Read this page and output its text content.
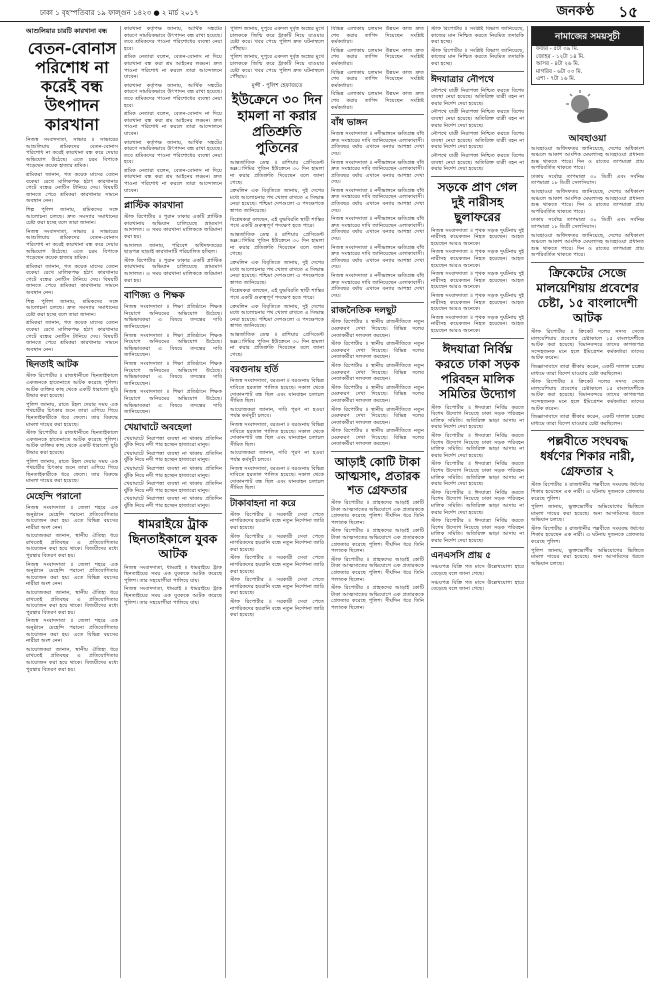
ঢাকা ১ বৃহস্পতিবার ১৯ ফাল্গুন ১৪২৩ ● ২ মার্চ ২০১৭	জনকণ্ঠ ১৫
আশুলিয়ার চারটি কারখানা বন্ধ
বেতন-বোনাস পরিশোধ না করেই বন্ধ উৎপাদন কারখানা

নিজস্ব সংবাদদাতা, সাভার ॥ সাভারের আশুলিয়ায় শ্রমিকদের বেতন-বোনাস পরিশোধ না করেই কারখানা বন্ধ করে দেয়ার অভিযোগ উঠেছে। এতে চরম বিপাকে পড়েছেন কয়েক হাজার শ্রমিক।

শ্রমিকরা জানান, গত কয়েক মাসের বেতন বকেয়া রেখে মালিকপক্ষ হঠাৎ কারখানার গেটে বন্ধের নোটিস টানিয়ে দেয়। বিষয়টি জানতে পেরে শ্রমিকরা কারখানার সামনে অবস্থান নেন।

শিল্প পুলিশ জানায়, শ্রমিকদের সঙ্গে আলোচনা চলছে। দ্রুত সমস্যার সমাধানের চেষ্টা করা হচ্ছে বলে তারা জানান।

নিজস্ব সংবাদদাতা, সাভার ॥ সাভারের আশুলিয়ায় শ্রমিকদের বেতন-বোনাস পরিশোধ না করেই কারখানা বন্ধ করে দেয়ার অভিযোগ উঠেছে। এতে চরম বিপাকে পড়েছেন কয়েক হাজার শ্রমিক।

শ্রমিকরা জানান, গত কয়েক মাসের বেতন বকেয়া রেখে মালিকপক্ষ হঠাৎ কারখানার গেটে বন্ধের নোটিস টানিয়ে দেয়। বিষয়টি জানতে পেরে শ্রমিকরা কারখানার সামনে অবস্থান নেন।

শিল্প পুলিশ জানায়, শ্রমিকদের সঙ্গে আলোচনা চলছে। দ্রুত সমস্যার সমাধানের চেষ্টা করা হচ্ছে বলে তারা জানান।

শ্রমিকরা জানান, গত কয়েক মাসের বেতন বকেয়া রেখে মালিকপক্ষ হঠাৎ কারখানার গেটে বন্ধের নোটিস টানিয়ে দেয়। বিষয়টি জানতে পেরে শ্রমিকরা কারখানার সামনে অবস্থান নেন।

ছিনতাই আটক

স্টাফ রিপোর্টার ॥ রাজধানীতে ছিনতাইকালে একজনকে হাতেনাতে আটক করেছে পুলিশ। আটক ব্যক্তির কাছ থেকে একটি ধারালো ছুরি উদ্ধার করা হয়েছে।

পুলিশ জানায়, রাতে টহল দেয়ার সময় এক পথচারীর চিৎকার শুনে তারা এগিয়ে গিয়ে ছিনতাইকারীকে ধরে ফেলে। তার বিরুদ্ধে মামলা দায়ের করা হয়েছে।

স্টাফ রিপোর্টার ॥ রাজধানীতে ছিনতাইকালে একজনকে হাতেনাতে আটক করেছে পুলিশ। আটক ব্যক্তির কাছ থেকে একটি ধারালো ছুরি উদ্ধার করা হয়েছে।

পুলিশ জানায়, রাতে টহল দেয়ার সময় এক পথচারীর চিৎকার শুনে তারা এগিয়ে গিয়ে ছিনতাইকারীকে ধরে ফেলে। তার বিরুদ্ধে মামলা দায়ের করা হয়েছে।

মেহেন্দি পরানো

নিজস্ব সংবাদদাতা ॥ জেলা শহরে এক অনুষ্ঠানে মেহেন্দি পরানো প্রতিযোগিতার আয়োজন করা হয়। এতে বিভিন্ন বয়সের নারীরা অংশ নেন।

আয়োজকরা জানান, স্থানীয় ঐতিহ্য ধরে রাখতেই প্রতিবছর এ প্রতিযোগিতার আয়োজন করা হয়ে থাকে। বিজয়ীদের মধ্যে পুরস্কার বিতরণ করা হয়।

নিজস্ব সংবাদদাতা ॥ জেলা শহরে এক অনুষ্ঠানে মেহেন্দি পরানো প্রতিযোগিতার আয়োজন করা হয়। এতে বিভিন্ন বয়সের নারীরা অংশ নেন।

আয়োজকরা জানান, স্থানীয় ঐতিহ্য ধরে রাখতেই প্রতিবছর এ প্রতিযোগিতার আয়োজন করা হয়ে থাকে। বিজয়ীদের মধ্যে পুরস্কার বিতরণ করা হয়।

নিজস্ব সংবাদদাতা ॥ জেলা শহরে এক অনুষ্ঠানে মেহেন্দি পরানো প্রতিযোগিতার আয়োজন করা হয়। এতে বিভিন্ন বয়সের নারীরা অংশ নেন।

আয়োজকরা জানান, স্থানীয় ঐতিহ্য ধরে রাখতেই প্রতিবছর এ প্রতিযোগিতার আয়োজন করা হয়ে থাকে। বিজয়ীদের মধ্যে পুরস্কার বিতরণ করা হয়।

কারখানা কর্তৃপক্ষ জানায়, আর্থিক সঙ্কটের কারণে সাময়িকভাবে উৎপাদন বন্ধ রাখা হয়েছে। তবে শ্রমিকদের পাওনা পরিশোধের ব্যবস্থা নেয়া হবে।

শ্রমিক নেতারা বলেন, বেতন-বোনাস না দিয়ে কারখানা বন্ধ করা শ্রম আইনের লঙ্ঘন। দ্রুত পাওনা পরিশোধ না করলে তারা আন্দোলনে যাবেন।

কারখানা কর্তৃপক্ষ জানায়, আর্থিক সঙ্কটের কারণে সাময়িকভাবে উৎপাদন বন্ধ রাখা হয়েছে। তবে শ্রমিকদের পাওনা পরিশোধের ব্যবস্থা নেয়া হবে।

শ্রমিক নেতারা বলেন, বেতন-বোনাস না দিয়ে কারখানা বন্ধ করা শ্রম আইনের লঙ্ঘন। দ্রুত পাওনা পরিশোধ না করলে তারা আন্দোলনে যাবেন।

কারখানা কর্তৃপক্ষ জানায়, আর্থিক সঙ্কটের কারণে সাময়িকভাবে উৎপাদন বন্ধ রাখা হয়েছে। তবে শ্রমিকদের পাওনা পরিশোধের ব্যবস্থা নেয়া হবে।

শ্রমিক নেতারা বলেন, বেতন-বোনাস না দিয়ে কারখানা বন্ধ করা শ্রম আইনের লঙ্ঘন। দ্রুত পাওনা পরিশোধ না করলে তারা আন্দোলনে যাবেন।

প্লাস্টিক কারখানা

স্টাফ রিপোর্টার ॥ পুরান ঢাকার একটি প্লাস্টিক কারখানায় অভিযান চালিয়েছে ভ্রাম্যমাণ আদালত। এ সময় কারখানা মালিককে জরিমানা করা হয়।

আদালত জানায়, পরিবেশ অধিদফতরের ছাড়পত্র ছাড়াই কারখানাটি পরিচালিত হচ্ছিল।

স্টাফ রিপোর্টার ॥ পুরান ঢাকার একটি প্লাস্টিক কারখানায় অভিযান চালিয়েছে ভ্রাম্যমাণ আদালত। এ সময় কারখানা মালিককে জরিমানা করা হয়।

বাণিজ্য ও শিক্ষক

নিজস্ব সংবাদদাতা ॥ শিক্ষা প্রতিষ্ঠানে শিক্ষক নিয়োগে অনিয়মের অভিযোগ উঠেছে। অভিভাবকরা এ বিষয়ে তদন্তের দাবি জানিয়েছেন।

নিজস্ব সংবাদদাতা ॥ শিক্ষা প্রতিষ্ঠানে শিক্ষক নিয়োগে অনিয়মের অভিযোগ উঠেছে। অভিভাবকরা এ বিষয়ে তদন্তের দাবি জানিয়েছেন।

নিজস্ব সংবাদদাতা ॥ শিক্ষা প্রতিষ্ঠানে শিক্ষক নিয়োগে অনিয়মের অভিযোগ উঠেছে। অভিভাবকরা এ বিষয়ে তদন্তের দাবি জানিয়েছেন।

নিজস্ব সংবাদদাতা ॥ শিক্ষা প্রতিষ্ঠানে শিক্ষক নিয়োগে অনিয়মের অভিযোগ উঠেছে। অভিভাবকরা এ বিষয়ে তদন্তের দাবি জানিয়েছেন।

খেয়াঘাটে অবহেলা

খেয়াঘাটে নিরাপত্তা ব্যবস্থা না থাকায় প্রতিদিন ঝুঁকি নিয়ে নদী পার হচ্ছেন হাজারো মানুষ।

খেয়াঘাটে নিরাপত্তা ব্যবস্থা না থাকায় প্রতিদিন ঝুঁকি নিয়ে নদী পার হচ্ছেন হাজারো মানুষ।

খেয়াঘাটে নিরাপত্তা ব্যবস্থা না থাকায় প্রতিদিন ঝুঁকি নিয়ে নদী পার হচ্ছেন হাজারো মানুষ।

খেয়াঘাটে নিরাপত্তা ব্যবস্থা না থাকায় প্রতিদিন ঝুঁকি নিয়ে নদী পার হচ্ছেন হাজারো মানুষ।

খেয়াঘাটে নিরাপত্তা ব্যবস্থা না থাকায় প্রতিদিন ঝুঁকি নিয়ে নদী পার হচ্ছেন হাজারো মানুষ।

ধামরাইয়ে ট্রাক ছিনতাইকালে যুবক আটক

নিজস্ব সংবাদদাতা, ধামরাই ॥ ধামরাইয়ে ট্রাক ছিনতাইয়ের সময় এক যুবককে আটক করেছে পুলিশ। তার সহযোগীরা পালিয়ে যায়।

নিজস্ব সংবাদদাতা, ধামরাই ॥ ধামরাইয়ে ট্রাক ছিনতাইয়ের সময় এক যুবককে আটক করেছে পুলিশ। তার সহযোগীরা পালিয়ে যায়।

পুলিশ জানায়, দুপুরে একদল দুর্বৃত্ত অস্ত্রের মুখে চালককে জিম্মি করে ট্রাকটি নিয়ে যাওয়ার চেষ্টা করে। খবর পেয়ে পুলিশ দ্রুত ঘটনাস্থলে পৌঁছায়।

পুলিশ জানায়, দুপুরে একদল দুর্বৃত্ত অস্ত্রের মুখে চালককে জিম্মি করে ট্রাকটি নিয়ে যাওয়ার চেষ্টা করে। খবর পেয়ে পুলিশ দ্রুত ঘটনাস্থলে পৌঁছায়।

মুন্সী - পুলিশ হেফাজতে
ইউক্রেনে ৩০ দিন হামলা না করার প্রতিশ্রুতি পুতিনের

আন্তর্জাতিক ডেস্ক ॥ রাশিয়ার প্রেসিডেন্ট ভøাদিমির পুতিন ইউক্রেনে ৩০ দিন হামলা না করার প্রতিশ্রুতি দিয়েছেন বলে জানা গেছে।

ক্রেমলিন এক বিবৃতিতে জানায়, দুই দেশের মধ্যে আলোচনার পথ খোলা রাখতে এ সিদ্ধান্ত নেয়া হয়েছে। পশ্চিমা দেশগুলো এ পদক্ষেপকে স্বাগত জানিয়েছে।

বিশ্লেষকরা বলছেন, এই যুদ্ধবিরতি স্থায়ী শান্তির পথে একটি গুরুত্বপূর্ণ পদক্ষেপ হতে পারে।

আন্তর্জাতিক ডেস্ক ॥ রাশিয়ার প্রেসিডেন্ট ভøাদিমির পুতিন ইউক্রেনে ৩০ দিন হামলা না করার প্রতিশ্রুতি দিয়েছেন বলে জানা গেছে।

ক্রেমলিন এক বিবৃতিতে জানায়, দুই দেশের মধ্যে আলোচনার পথ খোলা রাখতে এ সিদ্ধান্ত নেয়া হয়েছে। পশ্চিমা দেশগুলো এ পদক্ষেপকে স্বাগত জানিয়েছে।

বিশ্লেষকরা বলছেন, এই যুদ্ধবিরতি স্থায়ী শান্তির পথে একটি গুরুত্বপূর্ণ পদক্ষেপ হতে পারে।

ক্রেমলিন এক বিবৃতিতে জানায়, দুই দেশের মধ্যে আলোচনার পথ খোলা রাখতে এ সিদ্ধান্ত নেয়া হয়েছে। পশ্চিমা দেশগুলো এ পদক্ষেপকে স্বাগত জানিয়েছে।

আন্তর্জাতিক ডেস্ক ॥ রাশিয়ার প্রেসিডেন্ট ভøাদিমির পুতিন ইউক্রেনে ৩০ দিন হামলা না করার প্রতিশ্রুতি দিয়েছেন বলে জানা গেছে।

বরগুনায় হর্তি

নিজস্ব সংবাদদাতা, বরগুনা ॥ বরগুনায় বিভিন্ন দাবিতে হরতাল পালিত হয়েছে। সকাল থেকে দোকানপাট বন্ধ ছিল এবং যানবাহন চলাচল সীমিত ছিল।

আয়োজকরা জানান, দাবি পূরণ না হওয়া পর্যন্ত কর্মসূচী চলবে।

নিজস্ব সংবাদদাতা, বরগুনা ॥ বরগুনায় বিভিন্ন দাবিতে হরতাল পালিত হয়েছে। সকাল থেকে দোকানপাট বন্ধ ছিল এবং যানবাহন চলাচল সীমিত ছিল।

আয়োজকরা জানান, দাবি পূরণ না হওয়া পর্যন্ত কর্মসূচী চলবে।

নিজস্ব সংবাদদাতা, বরগুনা ॥ বরগুনায় বিভিন্ন দাবিতে হরতাল পালিত হয়েছে। সকাল থেকে দোকানপাট বন্ধ ছিল এবং যানবাহন চলাচল সীমিত ছিল।

টাকাবাহনা না করে

স্টাফ রিপোর্টার ॥ সরকারী সেবা পেতে নাগরিকদের হয়রানি বন্ধে নতুন নির্দেশনা জারি করা হয়েছে।

স্টাফ রিপোর্টার ॥ সরকারী সেবা পেতে নাগরিকদের হয়রানি বন্ধে নতুন নির্দেশনা জারি করা হয়েছে।

স্টাফ রিপোর্টার ॥ সরকারী সেবা পেতে নাগরিকদের হয়রানি বন্ধে নতুন নির্দেশনা জারি করা হয়েছে।

স্টাফ রিপোর্টার ॥ সরকারী সেবা পেতে নাগরিকদের হয়রানি বন্ধে নতুন নির্দেশনা জারি করা হয়েছে।

স্টাফ রিপোর্টার ॥ সরকারী সেবা পেতে নাগরিকদের হয়রানি বন্ধে নতুন নির্দেশনা জারি করা হয়েছে।

বিভিন্ন এলাকায় চলমান উন্নয়ন কাজ দ্রুত শেষ করার তাগিদ দিয়েছেন সংশ্লিষ্ট কর্মকর্তারা।

বিভিন্ন এলাকায় চলমান উন্নয়ন কাজ দ্রুত শেষ করার তাগিদ দিয়েছেন সংশ্লিষ্ট কর্মকর্তারা।

বিভিন্ন এলাকায় চলমান উন্নয়ন কাজ দ্রুত শেষ করার তাগিদ দিয়েছেন সংশ্লিষ্ট কর্মকর্তারা।

বিভিন্ন এলাকায় চলমান উন্নয়ন কাজ দ্রুত শেষ করার তাগিদ দিয়েছেন সংশ্লিষ্ট কর্মকর্তারা।

বাঁধ ভাঙ্গন

নিজস্ব সংবাদদাতা ॥ নদীভাঙ্গনে ক্ষতিগ্রস্ত বাঁধ দ্রুত সংস্কারের দাবি জানিয়েছেন এলাকাবাসী। প্রতিবছর বর্ষায় এখানে বন্যার আশঙ্কা দেখা দেয়।

নিজস্ব সংবাদদাতা ॥ নদীভাঙ্গনে ক্ষতিগ্রস্ত বাঁধ দ্রুত সংস্কারের দাবি জানিয়েছেন এলাকাবাসী। প্রতিবছর বর্ষায় এখানে বন্যার আশঙ্কা দেখা দেয়।

নিজস্ব সংবাদদাতা ॥ নদীভাঙ্গনে ক্ষতিগ্রস্ত বাঁধ দ্রুত সংস্কারের দাবি জানিয়েছেন এলাকাবাসী। প্রতিবছর বর্ষায় এখানে বন্যার আশঙ্কা দেখা দেয়।

নিজস্ব সংবাদদাতা ॥ নদীভাঙ্গনে ক্ষতিগ্রস্ত বাঁধ দ্রুত সংস্কারের দাবি জানিয়েছেন এলাকাবাসী। প্রতিবছর বর্ষায় এখানে বন্যার আশঙ্কা দেখা দেয়।

নিজস্ব সংবাদদাতা ॥ নদীভাঙ্গনে ক্ষতিগ্রস্ত বাঁধ দ্রুত সংস্কারের দাবি জানিয়েছেন এলাকাবাসী। প্রতিবছর বর্ষায় এখানে বন্যার আশঙ্কা দেখা দেয়।

নিজস্ব সংবাদদাতা ॥ নদীভাঙ্গনে ক্ষতিগ্রস্ত বাঁধ দ্রুত সংস্কারের দাবি জানিয়েছেন এলাকাবাসী। প্রতিবছর বর্ষায় এখানে বন্যার আশঙ্কা দেখা দেয়।

রাজনৈতিক দলছুট

স্টাফ রিপোর্টার ॥ স্থানীয় রাজনীতিতে নতুন মেরুকরণ দেখা দিয়েছে। বিভিন্ন দলের নেতাকর্মীরা দলবদল করছেন।

স্টাফ রিপোর্টার ॥ স্থানীয় রাজনীতিতে নতুন মেরুকরণ দেখা দিয়েছে। বিভিন্ন দলের নেতাকর্মীরা দলবদল করছেন।

স্টাফ রিপোর্টার ॥ স্থানীয় রাজনীতিতে নতুন মেরুকরণ দেখা দিয়েছে। বিভিন্ন দলের নেতাকর্মীরা দলবদল করছেন।

স্টাফ রিপোর্টার ॥ স্থানীয় রাজনীতিতে নতুন মেরুকরণ দেখা দিয়েছে। বিভিন্ন দলের নেতাকর্মীরা দলবদল করছেন।

স্টাফ রিপোর্টার ॥ স্থানীয় রাজনীতিতে নতুন মেরুকরণ দেখা দিয়েছে। বিভিন্ন দলের নেতাকর্মীরা দলবদল করছেন।

স্টাফ রিপোর্টার ॥ স্থানীয় রাজনীতিতে নতুন মেরুকরণ দেখা দিয়েছে। বিভিন্ন দলের নেতাকর্মীরা দলবদল করছেন।

আড়াই কোটি টাকা আত্মসাৎ, প্রতারক শত গ্রেফতার

স্টাফ রিপোর্টার ॥ গ্রাহকদের আড়াই কোটি টাকা আত্মসাতের অভিযোগে এক প্রতারককে গ্রেফতার করেছে পুলিশ। দীর্ঘদিন ধরে তিনি পলাতক ছিলেন।

স্টাফ রিপোর্টার ॥ গ্রাহকদের আড়াই কোটি টাকা আত্মসাতের অভিযোগে এক প্রতারককে গ্রেফতার করেছে পুলিশ। দীর্ঘদিন ধরে তিনি পলাতক ছিলেন।

স্টাফ রিপোর্টার ॥ গ্রাহকদের আড়াই কোটি টাকা আত্মসাতের অভিযোগে এক প্রতারককে গ্রেফতার করেছে পুলিশ। দীর্ঘদিন ধরে তিনি পলাতক ছিলেন।

স্টাফ রিপোর্টার ॥ গ্রাহকদের আড়াই কোটি টাকা আত্মসাতের অভিযোগে এক প্রতারককে গ্রেফতার করেছে পুলিশ। দীর্ঘদিন ধরে তিনি পলাতক ছিলেন।

স্টাফ রিপোর্টার ॥ সংশ্লিষ্ট বিভাগ জানিয়েছে, কাজের মান নিশ্চিত করতে নিয়মিত তদারকি করা হচ্ছে।

স্টাফ রিপোর্টার ॥ সংশ্লিষ্ট বিভাগ জানিয়েছে, কাজের মান নিশ্চিত করতে নিয়মিত তদারকি করা হচ্ছে।

ঈদযাত্রার নৌপথে

নৌপথে যাত্রী নিরাপত্তা নিশ্চিত করতে বিশেষ ব্যবস্থা নেয়া হয়েছে। অতিরিক্ত যাত্রী বহন না করার নির্দেশ দেয়া হয়েছে।

নৌপথে যাত্রী নিরাপত্তা নিশ্চিত করতে বিশেষ ব্যবস্থা নেয়া হয়েছে। অতিরিক্ত যাত্রী বহন না করার নির্দেশ দেয়া হয়েছে।

নৌপথে যাত্রী নিরাপত্তা নিশ্চিত করতে বিশেষ ব্যবস্থা নেয়া হয়েছে। অতিরিক্ত যাত্রী বহন না করার নির্দেশ দেয়া হয়েছে।

নৌপথে যাত্রী নিরাপত্তা নিশ্চিত করতে বিশেষ ব্যবস্থা নেয়া হয়েছে। অতিরিক্ত যাত্রী বহন না করার নির্দেশ দেয়া হয়েছে।

সড়কে প্রাণ গেল দুই নারীসহ ছুলাফরের

নিজস্ব সংবাদদাতা ॥ পৃথক সড়ক দুর্ঘটনায় দুই নারীসহ কয়েকজন নিহত হয়েছেন। আহত হয়েছেন আরও অনেকে।

নিজস্ব সংবাদদাতা ॥ পৃথক সড়ক দুর্ঘটনায় দুই নারীসহ কয়েকজন নিহত হয়েছেন। আহত হয়েছেন আরও অনেকে।

নিজস্ব সংবাদদাতা ॥ পৃথক সড়ক দুর্ঘটনায় দুই নারীসহ কয়েকজন নিহত হয়েছেন। আহত হয়েছেন আরও অনেকে।

নিজস্ব সংবাদদাতা ॥ পৃথক সড়ক দুর্ঘটনায় দুই নারীসহ কয়েকজন নিহত হয়েছেন। আহত হয়েছেন আরও অনেকে।

নিজস্ব সংবাদদাতা ॥ পৃথক সড়ক দুর্ঘটনায় দুই নারীসহ কয়েকজন নিহত হয়েছেন। আহত হয়েছেন আরও অনেকে।

ঈদযাত্রা নির্বিঘ্ন করতে ঢাকা সড়ক পরিবহন মালিক সমিতির উদ্যোগ

স্টাফ রিপোর্টার ॥ ঈদযাত্রা নির্বিঘ্ন করতে বিশেষ উদ্যোগ নিয়েছে ঢাকা সড়ক পরিবহন মালিক সমিতি। অতিরিক্ত ভাড়া আদায় না করার নির্দেশ দেয়া হয়েছে।

স্টাফ রিপোর্টার ॥ ঈদযাত্রা নির্বিঘ্ন করতে বিশেষ উদ্যোগ নিয়েছে ঢাকা সড়ক পরিবহন মালিক সমিতি। অতিরিক্ত ভাড়া আদায় না করার নির্দেশ দেয়া হয়েছে।

স্টাফ রিপোর্টার ॥ ঈদযাত্রা নির্বিঘ্ন করতে বিশেষ উদ্যোগ নিয়েছে ঢাকা সড়ক পরিবহন মালিক সমিতি। অতিরিক্ত ভাড়া আদায় না করার নির্দেশ দেয়া হয়েছে।

স্টাফ রিপোর্টার ॥ ঈদযাত্রা নির্বিঘ্ন করতে বিশেষ উদ্যোগ নিয়েছে ঢাকা সড়ক পরিবহন মালিক সমিতি। অতিরিক্ত ভাড়া আদায় না করার নির্দেশ দেয়া হয়েছে।

স্টাফ রিপোর্টার ॥ ঈদযাত্রা নির্বিঘ্ন করতে বিশেষ উদ্যোগ নিয়েছে ঢাকা সড়ক পরিবহন মালিক সমিতি। অতিরিক্ত ভাড়া আদায় না করার নির্দেশ দেয়া হয়েছে।

এনএসসি প্রায় ৫

সঞ্চয়পত্র বিক্রি গত মাসে উল্লেখযোগ্য হারে বেড়েছে বলে জানা গেছে।

সঞ্চয়পত্র বিক্রি গত মাসে উল্লেখযোগ্য হারে বেড়েছে বলে জানা গেছে।

নামাজের সময়সূচী
ফজর - ৫টা ০৯ মি.
জোহর - ১২টা ১৪ মি.
আসর - ৪টা ২৬ মি.
মাগরিব - ৬টা ০৩ মি.
এশা - ৭টা ১৬ মি.
আবহাওয়া

আবহাওয়া অধিদফতর জানিয়েছে, দেশের অধিকাংশ অঞ্চলে আকাশ আংশিক মেঘলাসহ আবহাওয়া প্রধানত শুষ্ক থাকতে পারে। দিন ও রাতের তাপমাত্রা প্রায় অপরিবর্তিত থাকতে পারে।

ঢাকায় সর্বোচ্চ তাপমাত্রা ৩০ ডিগ্রী এবং সর্বনিম্ন তাপমাত্রা ১৮ ডিগ্রী সেলসিয়াস।

আবহাওয়া অধিদফতর জানিয়েছে, দেশের অধিকাংশ অঞ্চলে আকাশ আংশিক মেঘলাসহ আবহাওয়া প্রধানত শুষ্ক থাকতে পারে। দিন ও রাতের তাপমাত্রা প্রায় অপরিবর্তিত থাকতে পারে।

ঢাকায় সর্বোচ্চ তাপমাত্রা ৩০ ডিগ্রী এবং সর্বনিম্ন তাপমাত্রা ১৮ ডিগ্রী সেলসিয়াস।

আবহাওয়া অধিদফতর জানিয়েছে, দেশের অধিকাংশ অঞ্চলে আকাশ আংশিক মেঘলাসহ আবহাওয়া প্রধানত শুষ্ক থাকতে পারে। দিন ও রাতের তাপমাত্রা প্রায় অপরিবর্তিত থাকতে পারে।

ক্রিকেটের সেজে মালয়েশিয়ায় প্রবেশের চেষ্টা, ১৫ বাংলাদেশী আটক

স্টাফ রিপোর্টার ॥ ক্রিকেট দলের সদস্য সেজে মালয়েশিয়ায় প্রবেশের চেষ্টাকালে ১৫ বাংলাদেশীকে আটক করা হয়েছে। বিমানবন্দরে তাদের কাগজপত্র সন্দেহজনক মনে হলে ইমিগ্রেশন কর্মকর্তারা তাদের আটক করেন।

জিজ্ঞাসাবাদে তারা স্বীকার করেন, একটি দালাল চক্রের মাধ্যমে তারা বিদেশ যাওয়ার চেষ্টা করছিলেন।

স্টাফ রিপোর্টার ॥ ক্রিকেট দলের সদস্য সেজে মালয়েশিয়ায় প্রবেশের চেষ্টাকালে ১৫ বাংলাদেশীকে আটক করা হয়েছে। বিমানবন্দরে তাদের কাগজপত্র সন্দেহজনক মনে হলে ইমিগ্রেশন কর্মকর্তারা তাদের আটক করেন।

জিজ্ঞাসাবাদে তারা স্বীকার করেন, একটি দালাল চক্রের মাধ্যমে তারা বিদেশ যাওয়ার চেষ্টা করছিলেন।

পল্লবীতে সংঘবদ্ধ ধর্ষণের শিকার নারী, গ্রেফতার ২

স্টাফ রিপোর্টার ॥ রাজধানীর পল্লবীতে সংঘবদ্ধ ধর্ষণের শিকার হয়েছেন এক নারী। এ ঘটনায় দুজনকে গ্রেফতার করেছে পুলিশ।

পুলিশ জানায়, ভুক্তভোগীর অভিযোগের ভিত্তিতে মামলা দায়ের করা হয়েছে। অন্য আসামিদের ধরতে অভিযান চলছে।

স্টাফ রিপোর্টার ॥ রাজধানীর পল্লবীতে সংঘবদ্ধ ধর্ষণের শিকার হয়েছেন এক নারী। এ ঘটনায় দুজনকে গ্রেফতার করেছে পুলিশ।

পুলিশ জানায়, ভুক্তভোগীর অভিযোগের ভিত্তিতে মামলা দায়ের করা হয়েছে। অন্য আসামিদের ধরতে অভিযান চলছে।
